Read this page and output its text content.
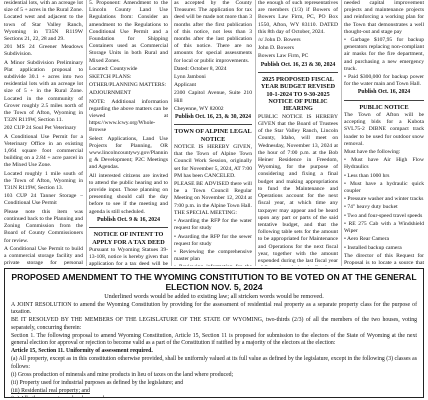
residential lots, with an acreage lot size of 5 + acres in the Rural Zone. Located west and adjacent to the town of Star Valley Ranch, Wyoming in T35N R119W Sections 21, 22, 28 and 29.

201 MS 24 Greener Meadows Subdivision.

A Minor Subdivision Preliminary Plat application proposal to subdivide 30.1 + acres into two residential lots with an acreage lot size of 5 + in the Rural Zone. Located in the community of Grover roughly 2.5 miles north of the Town of Afton, Wyoming in T32N R119W, Section 11.

202 CUP 24 Soul Pet Veterinary

A Conditional Use Permit for a Veterinary Office in an existing 1,664 square foot commercial building on a 2.84 + acre parcel in the Mixed Use Zone.

Located roughly 1 mile south of the Town of Afton, Wyoming in T31N R119W, Section 13.

103 CUP 24 Tanner Storage – Conditional Use Permit

Please note this item was continued back to the Planning and Zoning Commission from the Board of County Commissioners for review.

A Conditional Use Permit to build a commercial storage facility and private storage for personal

5. Proponent: Amendment to the Lincoln County Land Use Regulations from: Consider an amendment to the Regulations to Conditional Use Permit and a Foundation for Shipping Containers used as Commercial Storage Units in both Rural and Mixed Zones.

Located: Countywide

SKETCH PLANS:

OTHER/PLANNING MATTERS:

ADJOURNMENT

NOTE: Additional information regarding the above matters can be viewed at https://www.lcwy.org/Whole-Browse

Select Applications, Land Use Projects for Planning, OR www.lincolncountywy.gov/Planning & Development; P2C Meetings and Agendas.

All interested citizens are invited to attend the public hearing and to provide input. Those planning on presenting should call the day before to see if the meeting and agenda is still scheduled.

Publish Oct. 9 & 16, 2024

NOTICE OF INTENT TO APPLY FOR A TAX DEED

Pursuant to Wyoming Statues 39-13-108, notice is hereby given that application for a tax deed will be

as accepted by the County Treasurer. The application for tax deed will be made not more than 3 months after the first publication of this notice, not less than 3 months after the last publication of this notice. There are no amounts for special assessments for local or public improvements.

Dated: October 8, 2024

Lynn Jamboni

Applicant

2300 Capitol Avenue, Suite 210 Hill

Cheyenne, WY 82002

Publish Oct. 16, 23, & 30, 2024

TOWN OF ALPINE LEGAL NOTICE

NOTICE IS HEREBY GIVEN, that the Town of Alpine Town Council Work Session, originally set for November 5, 2024, AT 7:00 PM has been CANCELED.

PLEASE BE ADVISED there will be a Town Council Regular Meeting on November 12, 2024 at 7:00 p.m. in the Alpine Town Hall. THE SPECIAL MEETING:

• Awarding the RFP for the water request for study

• Awarding the RFP for the sewer request for study

• Reviewing the comprehensive master plan

the enough of such representatives are members (1/3) if Bowers of Bowers Law Firm, PC, PO Box 1550, Afton, WY 83110. DATED this 8th day of October, 2024.

/s/ John D. Bowers

John D. Bowers

Bowers Law Firm, PC

Publish Oct. 16, 23 & 30, 2024

2025 PROPOSED FISCAL YEAR BUDGET REVISED 10-1-2024 TO 9-30-2025 NOTICE OF PUBLIC HEARING

PUBLIC NOTICE IS HEREBY GIVEN that the Board of Trustees of the Star Valley Ranch, Lincoln County, Idaho, will meet on Wednesday, November 13, 2024 at the hour of 7:00 p.m. at the Bob Heiner Residence in Freedom, Wyoming, for the purpose of considering and fixing a final budget and making appropriations to fund the Maintenance and Operations account for the next fiscal year, at which time any taxpayer may appear and be heard upon any part or parts of the said tentative budget, and that the following table sets for the amount to be appropriated for Maintenance and Operations for the next fiscal year, together with the amount expended during the last fiscal year

needed capital improvement projects and maintenance projects and reinforcing a working plan for the Town that demonstrates a well thought-out and stage pay

• Garbage $107,95 for backup generators replacing non-compliant air masks for the fire department, and purchasing a new emergency truck.

• Paid $300,000 for backup power for the water main and Town Hall.

Publish Oct. 16, 2024

PUBLIC NOTICE

The Town of Afton will be accepting bids for a Kubota SVL75-2 DIBNE compact track loader to be used for outdoor snow removal.

Must have the following:

• Must have Air High Flow Hydraulics

• Less than 1000 hrs

• Must have a hydraulic quick coupler

• Pressure washer and winter tracks

• 74" heavy duty bucket

• Two and four-speed travel speeds

• RE 275 Cab with a Windshield Wiper

• Aero Rear Camera

• Installed backup camera

The director of this Request for Proposal is to locate a source that

PROPOSED AMENDMENT TO THE WYOMING CONSTITUTION TO BE VOTED ON AT THE GENERAL ELECTION NOV. 5, 2024
Underlined words would be added to existing law; all stricken words would be removed.

A JOINT RESOLUTION to amend the Wyoming Constitution by providing for the assessment of residential real property as a separate property class for the purpose of taxation.

BE IT RESOLVED BY THE MEMBERS OF THE LEGISLATURE OF THE STATE OF WYOMING, two-thirds (2/3) of all the members of the two houses, voting separately, concurring therein:

Section 1. The following proposal to amend Wyoming Constitution, Article 15, Section 11 is proposed for submission to the electors of the State of Wyoming at the next general election for approval or rejection to become valid as a part of the Constitution if ratified by a majority of the electors at the election:

Article 15, Section 11. Uniformity of assessment required.

(a) All property, except as in this constitution otherwise provided, shall be uniformly valued at its full value as defined by the legislature, except in the following (3) classes as follows:

(i) Gross production of minerals and mine products in lieu of taxes on the land where produced;

(ii) Property used for industrial purposes as defined by the legislature; and

(iii) Residential real property; and
